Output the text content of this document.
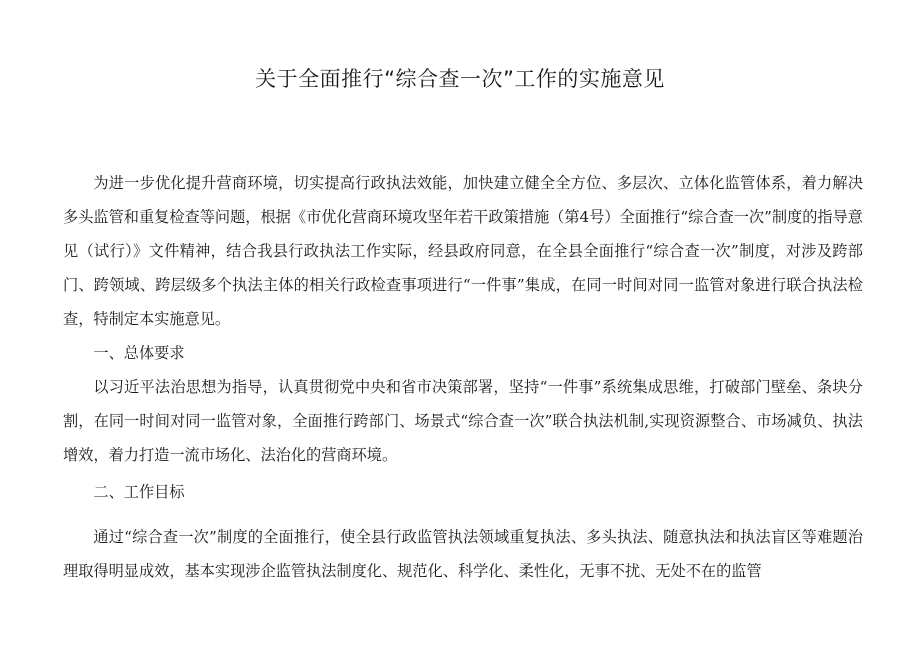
关于全面推行“综合查一次”工作的实施意见

为进一步优化提升营商环境，切实提高行政执法效能，加快建立健全全方位、多层次、立体化监管体系，着力解决多头监管和重复检查等问题，根据《市优化营商环境攻坚年若干政策措施（第4号）全面推行“综合查一次”制度的指导意见（试行）》文件精神，结合我县行政执法工作实际，经县政府同意，在全县全面推行“综合查一次”制度，对涉及跨部门、跨领域、跨层级多个执法主体的相关行政检查事项进行“一件事”集成，在同一时间对同一监管对象进行联合执法检查，特制定本实施意见。

一、总体要求

以习近平法治思想为指导，认真贯彻党中央和省市决策部署，坚持“一件事”系统集成思维，打破部门壁垒、条块分割，在同一时间对同一监管对象，全面推行跨部门、场景式“综合查一次”联合执法机制,实现资源整合、市场减负、执法增效，着力打造一流市场化、法治化的营商环境。

二、工作目标

通过“综合查一次”制度的全面推行，使全县行政监管执法领域重复执法、多头执法、随意执法和执法盲区等难题治理取得明显成效，基本实现涉企监管执法制度化、规范化、科学化、柔性化，无事不扰、无处不在的监管
